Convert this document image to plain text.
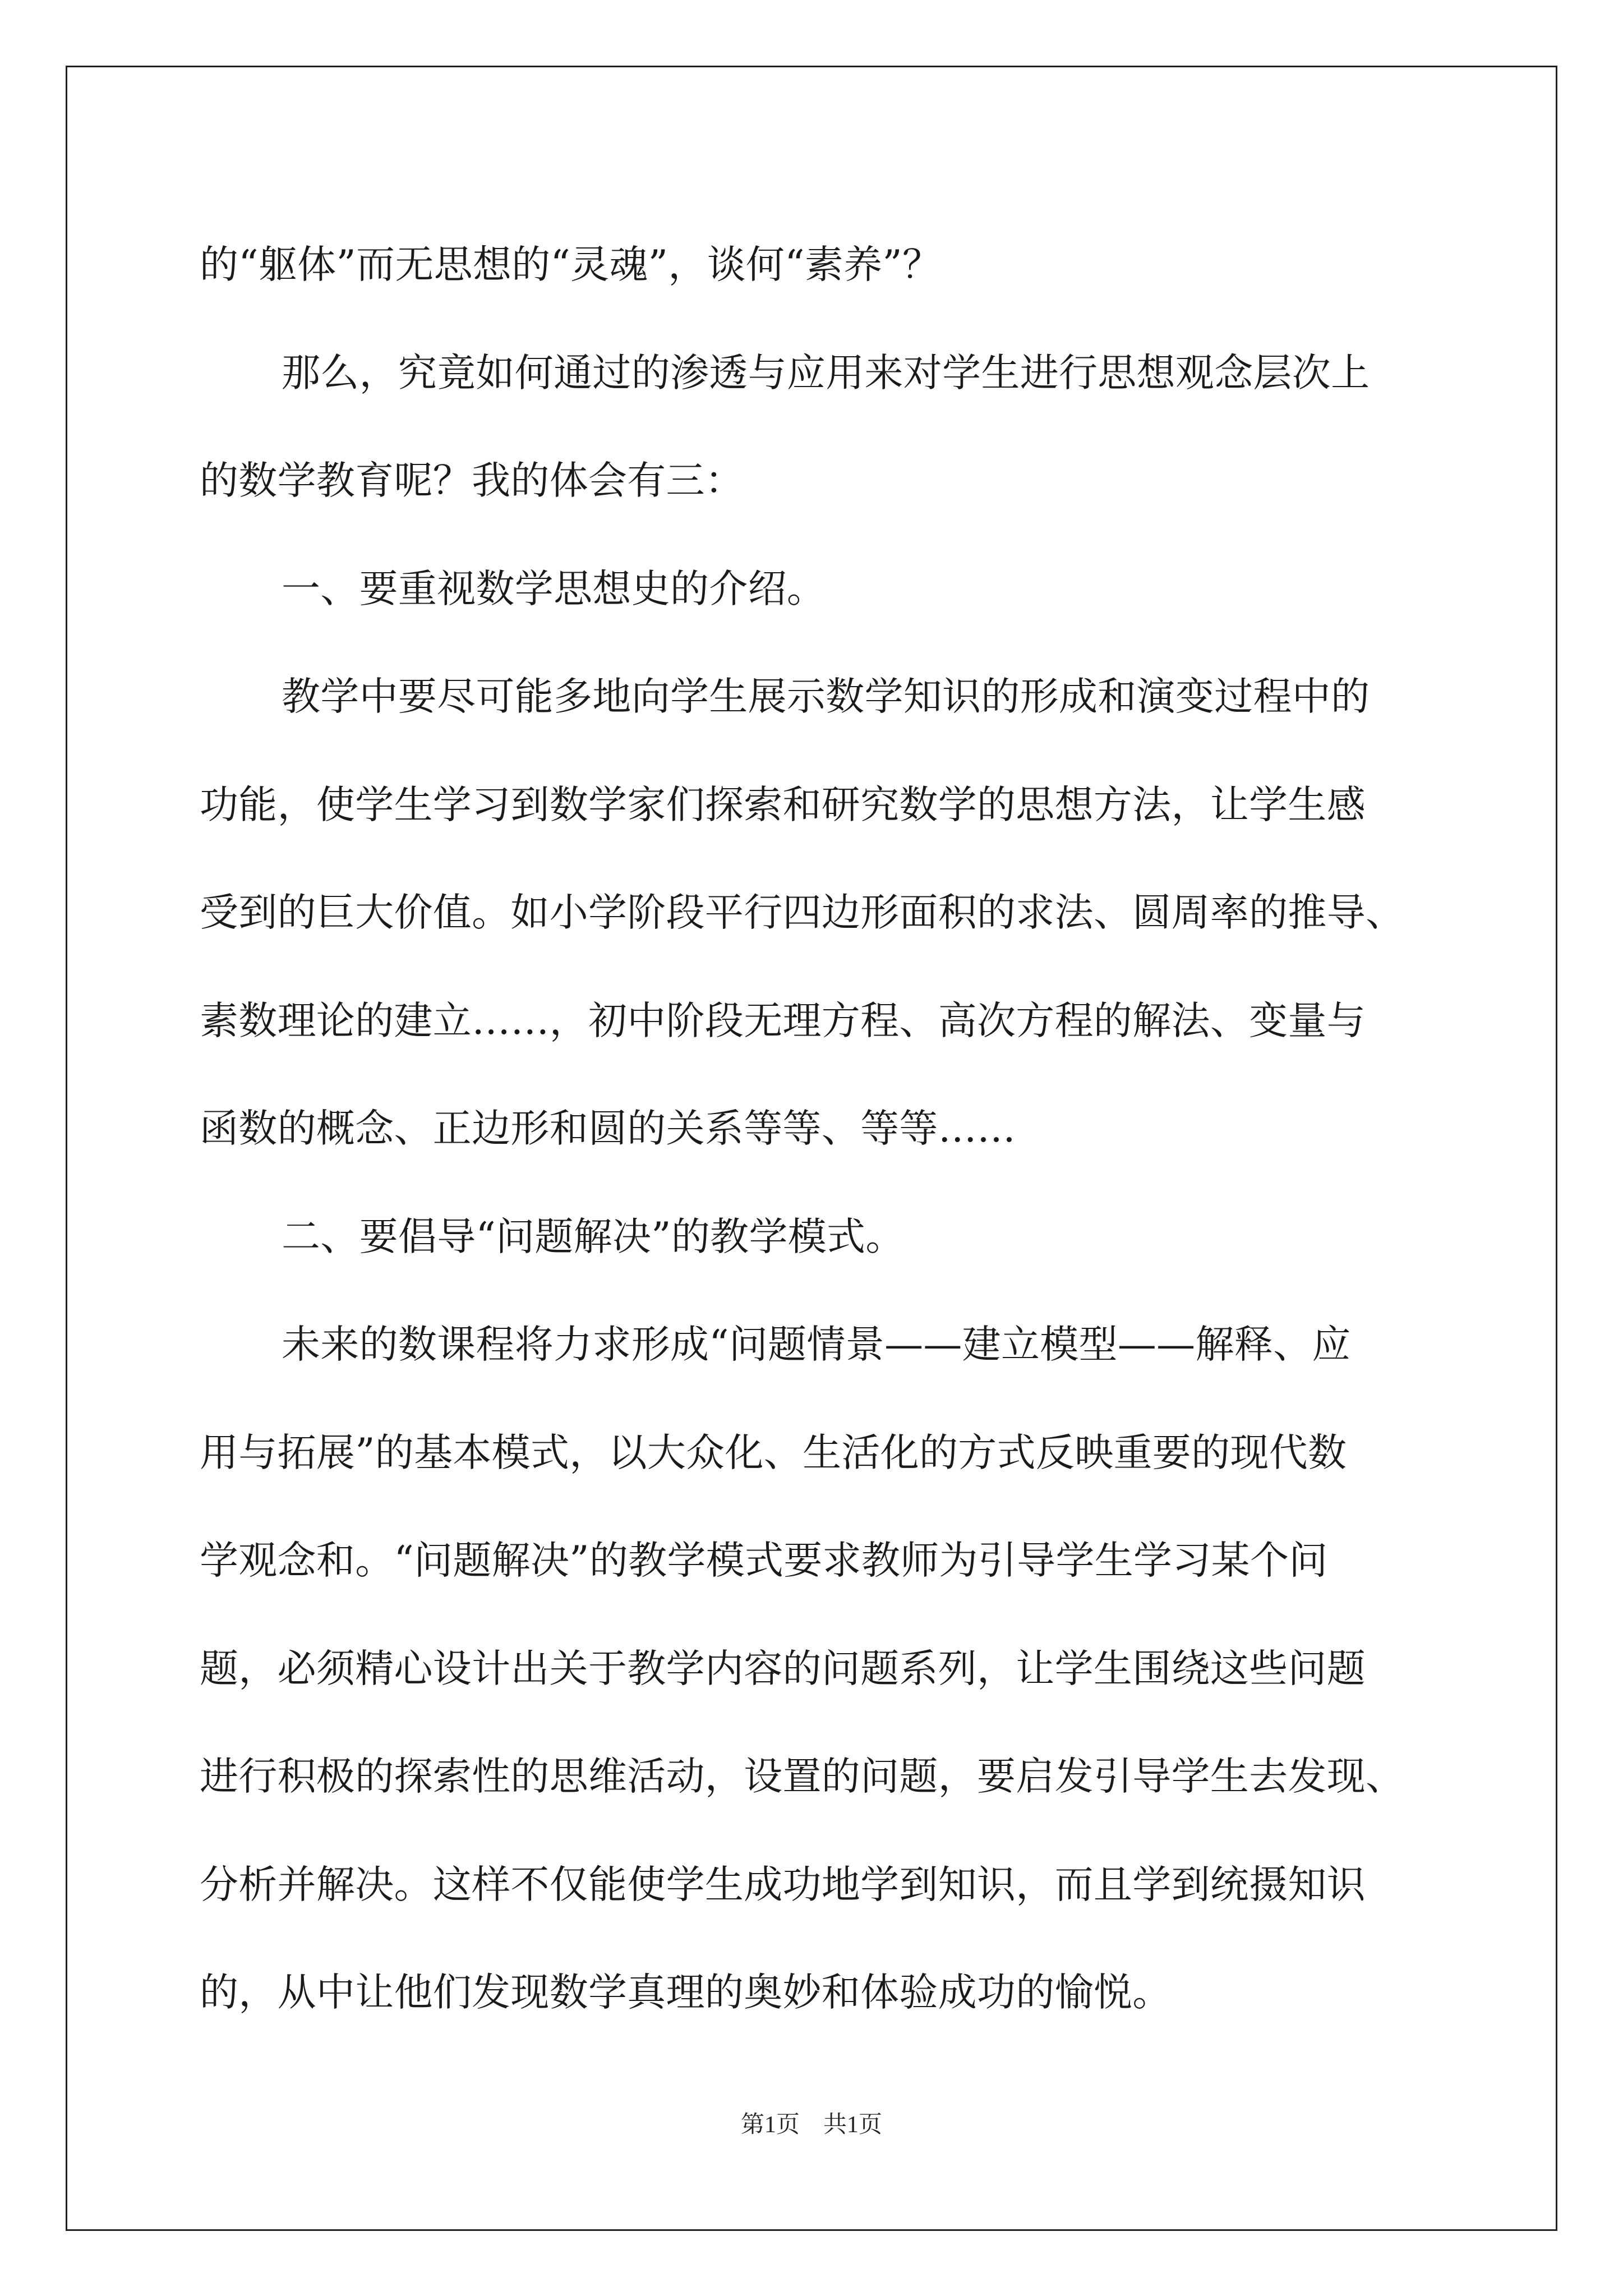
的“躯体”而无思想的“灵魂”，谈何“素养”？

那么，究竟如何通过的渗透与应用来对学生进行思想观念层次上

的数学教育呢？我的体会有三：

一、要重视数学思想史的介绍。

教学中要尽可能多地向学生展示数学知识的形成和演变过程中的

功能，使学生学习到数学家们探索和研究数学的思想方法，让学生感

受到的巨大价值。如小学阶段平行四边形面积的求法、圆周率的推导、

素数理论的建立……，初中阶段无理方程、高次方程的解法、变量与

函数的概念、正边形和圆的关系等等、等等……

二、要倡导“问题解决”的教学模式。

未来的数课程将力求形成“问题情景——建立模型——解释、应

用与拓展”的基本模式，以大众化、生活化的方式反映重要的现代数

学观念和。“问题解决”的教学模式要求教师为引导学生学习某个问

题，必须精心设计出关于教学内容的问题系列，让学生围绕这些问题

进行积极的探索性的思维活动，设置的问题，要启发引导学生去发现、

分析并解决。这样不仅能使学生成功地学到知识，而且学到统摄知识

的，从中让他们发现数学真理的奥妙和体验成功的愉悦。

第1页　共1页
